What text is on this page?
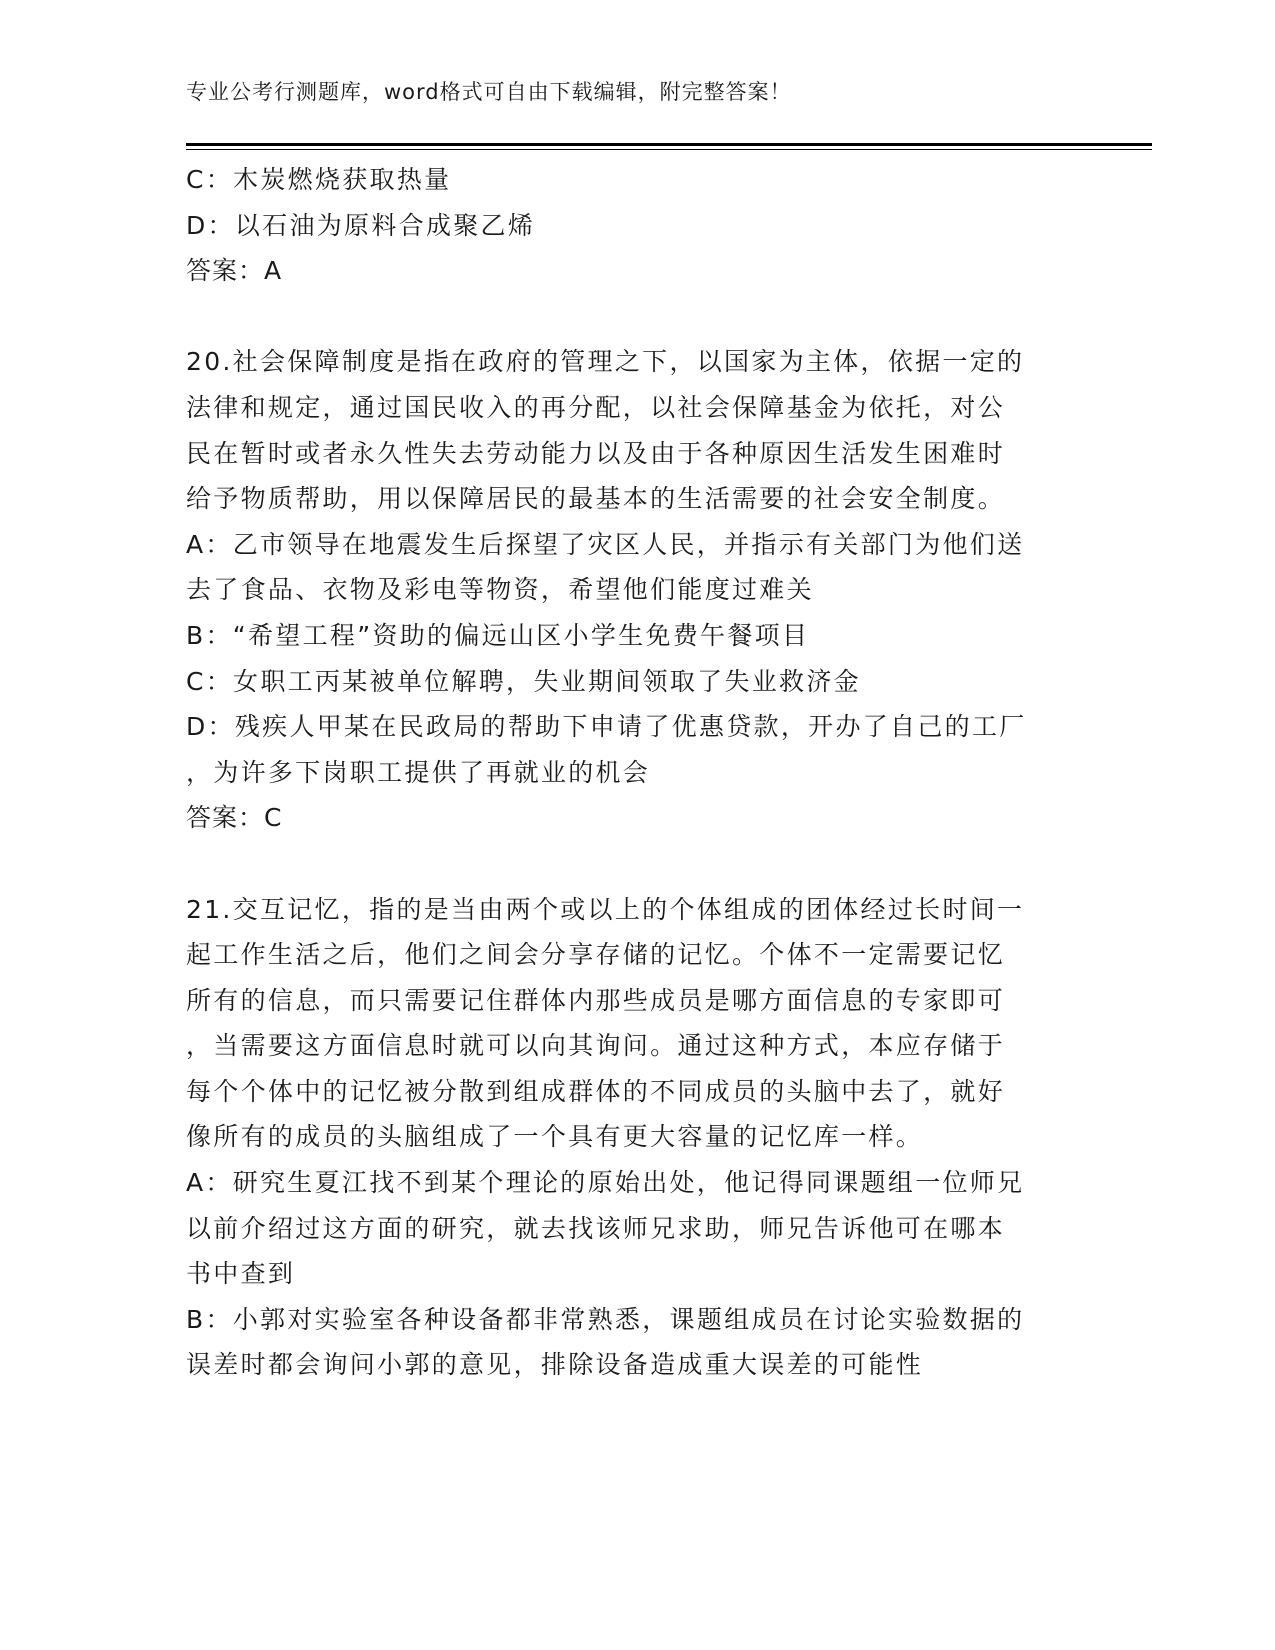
专业公考行测题库，word格式可自由下载编辑，附完整答案！
C：木炭燃烧获取热量
D：以石油为原料合成聚乙烯
答案：A
20.社会保障制度是指在政府的管理之下，以国家为主体，依据一定的
法律和规定，通过国民收入的再分配，以社会保障基金为依托，对公
民在暂时或者永久性失去劳动能力以及由于各种原因生活发生困难时
给予物质帮助，用以保障居民的最基本的生活需要的社会安全制度。
A：乙市领导在地震发生后探望了灾区人民，并指示有关部门为他们送
去了食品、衣物及彩电等物资，希望他们能度过难关
B：“希望工程”资助的偏远山区小学生免费午餐项目
C：女职工丙某被单位解聘，失业期间领取了失业救济金
D：残疾人甲某在民政局的帮助下申请了优惠贷款，开办了自己的工厂
，为许多下岗职工提供了再就业的机会
答案：C
21.交互记忆，指的是当由两个或以上的个体组成的团体经过长时间一
起工作生活之后，他们之间会分享存储的记忆。个体不一定需要记忆
所有的信息，而只需要记住群体内那些成员是哪方面信息的专家即可
，当需要这方面信息时就可以向其询问。通过这种方式，本应存储于
每个个体中的记忆被分散到组成群体的不同成员的头脑中去了，就好
像所有的成员的头脑组成了一个具有更大容量的记忆库一样。
A：研究生夏江找不到某个理论的原始出处，他记得同课题组一位师兄
以前介绍过这方面的研究，就去找该师兄求助，师兄告诉他可在哪本
书中查到
B：小郭对实验室各种设备都非常熟悉，课题组成员在讨论实验数据的
误差时都会询问小郭的意见，排除设备造成重大误差的可能性
